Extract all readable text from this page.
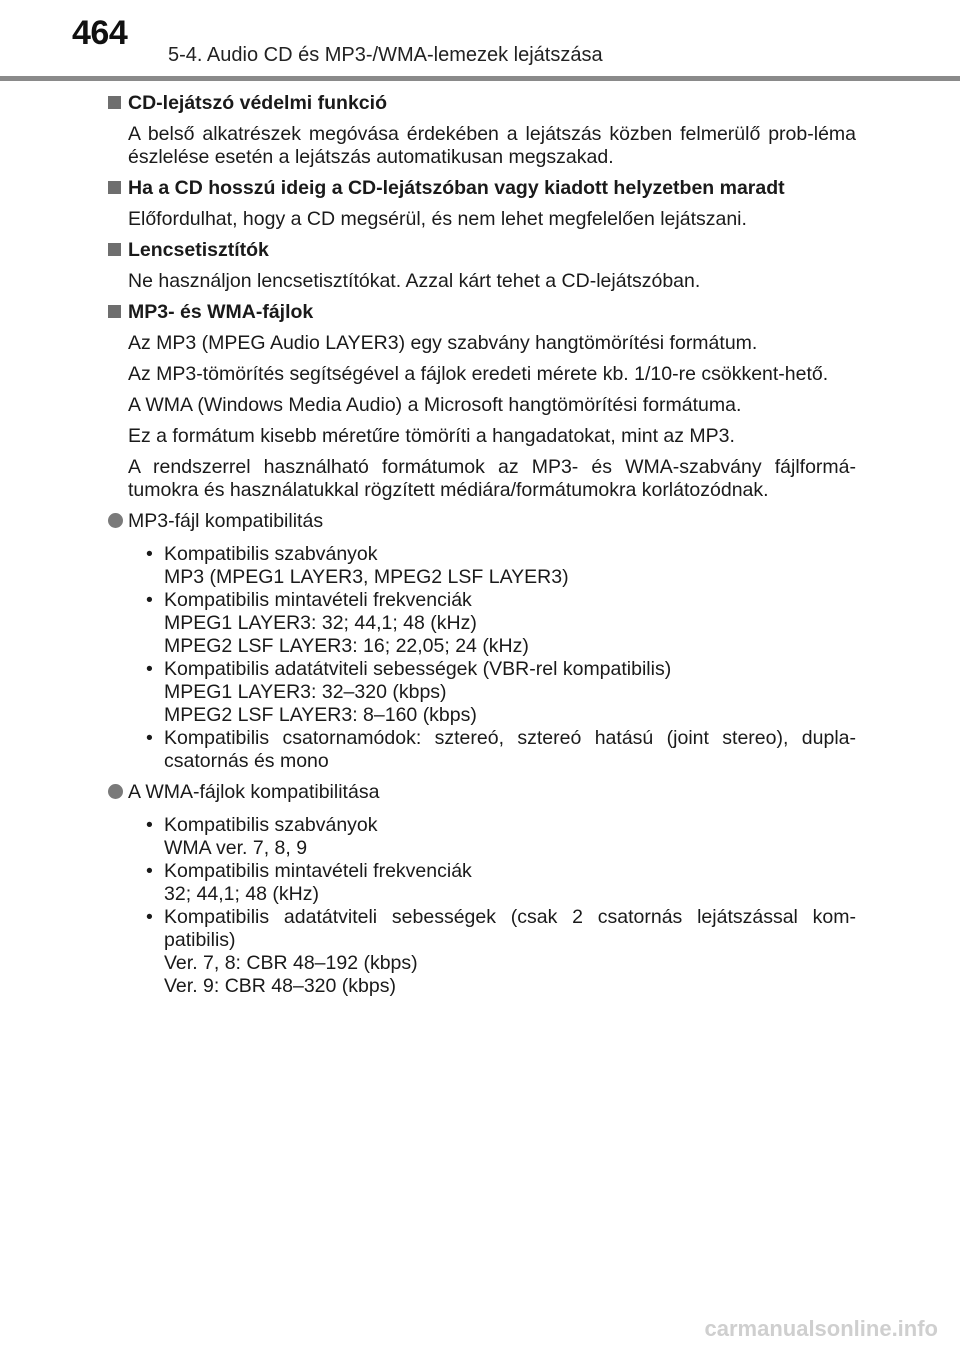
464
5-4. Audio CD és MP3-/WMA-lemezek lejátszása
CD-lejátszó védelmi funkció

A belső alkatrészek megóvása érdekében a lejátszás közben felmerülő prob-léma észlelése esetén a lejátszás automatikusan megszakad.

Ha a CD hosszú ideig a CD-lejátszóban vagy kiadott helyzetben maradt

Előfordulhat, hogy a CD megsérül, és nem lehet megfelelően lejátszani.

Lencsetisztítók

Ne használjon lencsetisztítókat. Azzal kárt tehet a CD-lejátszóban.

MP3- és WMA-fájlok

Az MP3 (MPEG Audio LAYER3) egy szabvány hangtömörítési formátum.

Az MP3-tömörítés segítségével a fájlok eredeti mérete kb. 1/10-re csökkent-hető.

A WMA (Windows Media Audio) a Microsoft hangtömörítési formátuma.

Ez a formátum kisebb méretűre tömöríti a hangadatokat, mint az MP3.

A rendszerrel használható formátumok az MP3- és WMA-szabvány fájlformá-tumokra és használatukkal rögzített médiára/formátumokra korlátozódnak.

MP3-fájl kompatibilitás
• Kompatibilis szabványok
MP3 (MPEG1 LAYER3, MPEG2 LSF LAYER3)
• Kompatibilis mintavételi frekvenciák
MPEG1 LAYER3: 32; 44,1; 48 (kHz)
MPEG2 LSF LAYER3: 16; 22,05; 24 (kHz)
• Kompatibilis adatátviteli sebességek (VBR-rel kompatibilis)
MPEG1 LAYER3: 32–320 (kbps)
MPEG2 LSF LAYER3: 8–160 (kbps)
• Kompatibilis csatornamódok: sztereó, sztereó hatású (joint stereo), dupla-csatornás és mono
A WMA-fájlok kompatibilitása
• Kompatibilis szabványok
WMA ver. 7, 8, 9
• Kompatibilis mintavételi frekvenciák
32; 44,1; 48 (kHz)
• Kompatibilis adatátviteli sebességek (csak 2 csatornás lejátszással kom-patibilis)
Ver. 7, 8: CBR 48–192 (kbps)
Ver. 9: CBR 48–320 (kbps)
carmanualsonline.info
